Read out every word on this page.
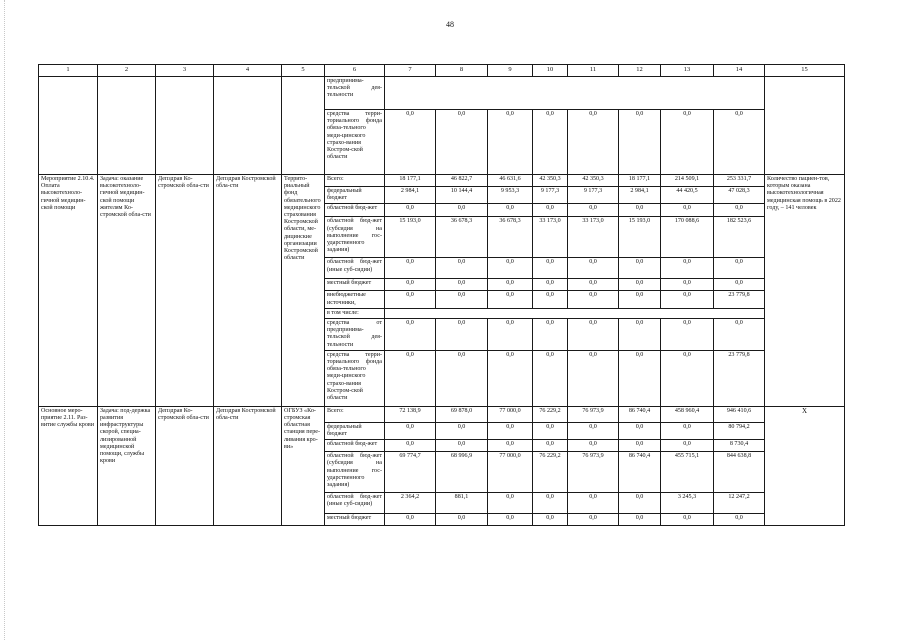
48
1	2	3	4	5	6	7	8	9	10	11	12	13	14	15
					предпринима-тельской дея-тельности									
					средства терри-ториального фонда обяза-тельного меди-цинского страхо-вания Костром-ской области	0,0	0,0	0,0	0,0	0,0	0,0	0,0	0,0	
Мероприятие 2.10.4. Оплата высокотехноло-гичной медицин-ской помощи	Задача: оказание высокотехноло-гичной медицин-ской помощи жителям Ко-стромской обла-сти	Депздрав Ко-стромской обла-сти	Депздрав Костромской обла-сти	Террито-риальный фонд обязательного медицинского страхования Костромской области, ме-дицинские организации Костромской области	Всего:	18 177,1	46 822,7	46 631,6	42 350,3	42 350,3	18 177,1	214 509,1	253 331,7	Количество пациен-тов, которым оказана высокотехнологичная медицинская помощь в 2022 году, – 141 человек
					федеральный бюджет	2 984,1	10 144,4	9 953,3	9 177,3	9 177,3	2 984,1	44 420,5	47 028,3	
					областной бюд-жет	0,0	0,0	0,0	0,0	0,0	0,0	0,0	0,0	
					областной бюд-жет (субсидия на выполнение гос-ударственного задания)	15 193,0	36 678,3	36 678,3	33 173,0	33 173,0	15 193,0	170 088,6	182 523,6	
					областной бюд-жет (иные суб-сидии)	0,0	0,0	0,0	0,0	0,0	0,0	0,0	0,0	
					местный бюджет	0,0	0,0	0,0	0,0	0,0	0,0	0,0	0,0	
					внебюджетные источники,	0,0	0,0	0,0	0,0	0,0	0,0	0,0	23 779,8	
					в том числе:									
					средства от предпринима-тельской дея-тельности	0,0	0,0	0,0	0,0	0,0	0,0	0,0	0,0	
					средства терри-ториального фонда обяза-тельного меди-цинского страхо-вания Костром-ской области	0,0	0,0	0,0	0,0	0,0	0,0	0,0	23 779,8	
Основное меро-приятие 2.11. Раз-витие службы крови	Задача: под-держка развития инфраструктуры скорой, специа-лизированной медицинской помощи, службы крови	Депздрав Ко-стромской обла-сти	Депздрав Костромской обла-сти	ОГБУЗ «Ко-стромская областная станция пере-ливания кро-ви»	Всего:	72 138,9	69 878,0	77 000,0	76 229,2	76 973,9	86 740,4	458 960,4	946 410,6	Х
					федеральный бюджет	0,0	0,0	0,0	0,0	0,0	0,0	0,0	80 794,2	
					областной бюд-жет	0,0	0,0	0,0	0,0	0,0	0,0	0,0	8 730,4	
					областной бюд-жет (субсидия на выполнение гос-ударственного задания)	69 774,7	68 996,9	77 000,0	76 229,2	76 973,9	86 740,4	455 715,1	844 638,8	
					областной бюд-жет (иные суб-сидии)	2 364,2	881,1	0,0	0,0	0,0	0,0	3 245,3	12 247,2	
					местный бюджет	0,0	0,0	0,0	0,0	0,0	0,0	0,0	0,0	
